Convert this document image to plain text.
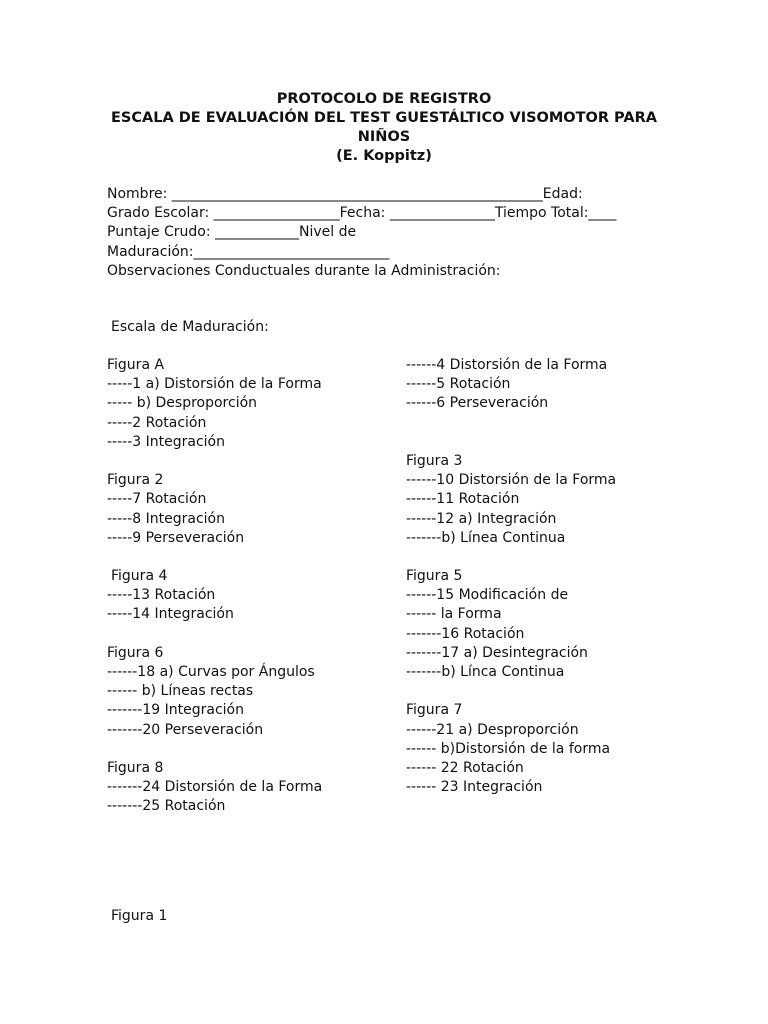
PROTOCOLO DE REGISTRO
ESCALA DE EVALUACIÓN DEL TEST GUESTÁLTICO VISOMOTOR PARA
NIÑOS
(E. Koppitz)
Nombre: _____________________________________________________Edad:
Grado Escolar: __________________Fecha: _______________Tiempo Total:____
Puntaje Crudo: ____________Nivel de
Maduración:____________________________
Observaciones Conductuales durante la Administración:
Escala de Maduración:
Figura A
-----1 a) Distorsión de la Forma
----- b) Desproporción
-----2 Rotación
-----3 Integración
Figura 2
-----7 Rotación
-----8 Integración
-----9 Perseveración
Figura 4
-----13 Rotación
-----14 Integración
Figura 6
------18 a) Curvas por Ángulos
------ b) Líneas rectas
-------19 Integración
-------20 Perseveración
Figura 8
-------24 Distorsión de la Forma
-------25 Rotación
------4 Distorsión de la Forma
------5 Rotación
------6 Perseveración
Figura 3
------10 Distorsión de la Forma
------11 Rotación
------12 a) Integración
-------b) Línea Continua
Figura 5
------15 Modificación de
------ la Forma
-------16 Rotación
-------17 a) Desintegración
-------b) Línca Continua
Figura 7
------21 a) Desproporción
------ b)Distorsión de la forma
------ 22 Rotación
------ 23 Integración
Figura 1
